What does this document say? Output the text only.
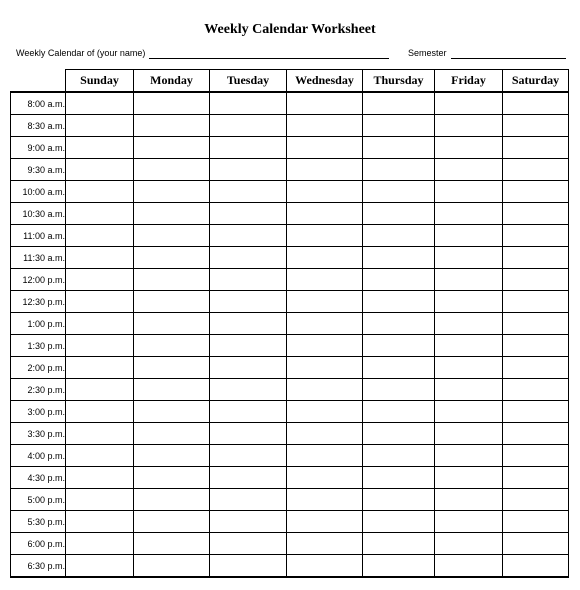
Weekly Calendar Worksheet
Weekly Calendar of (your name)	Semester
	Sunday	Monday	Tuesday	Wednesday	Thursday	Friday	Saturday
8:00 a.m.							
8:30 a.m.							
9:00 a.m.							
9:30 a.m.							
10:00 a.m.							
10:30 a.m.							
11:00 a.m.							
11:30 a.m.							
12:00 p.m.							
12:30 p.m.							
1:00 p.m.							
1:30 p.m.							
2:00 p.m.							
2:30 p.m.							
3:00 p.m.							
3:30 p.m.							
4:00 p.m.							
4:30 p.m.							
5:00 p.m.							
5:30 p.m.							
6:00 p.m.							
6:30 p.m.							
